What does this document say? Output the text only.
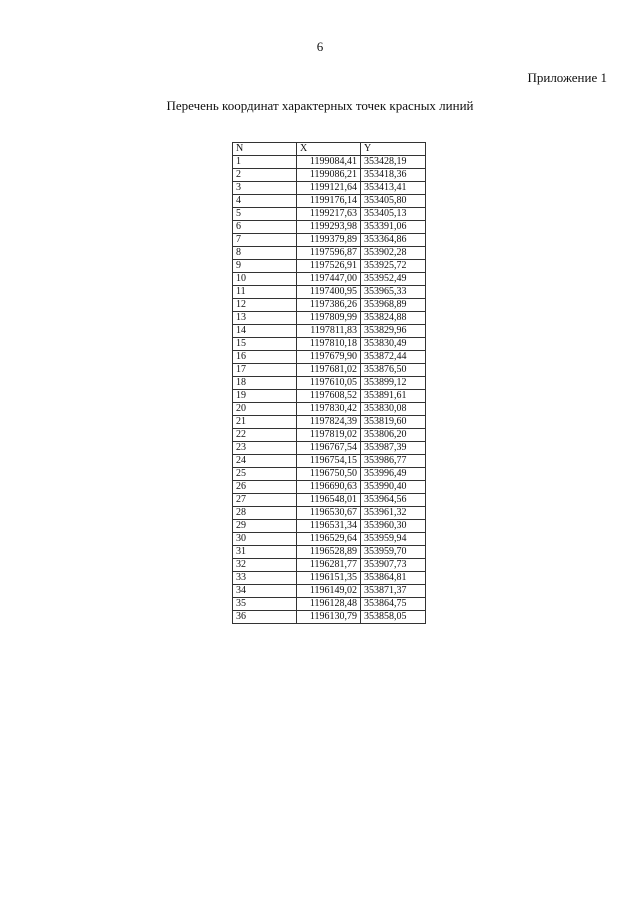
6
Приложение 1
Перечень координат характерных точек красных линий
N	X	Y
1	1199084,41	353428,19
2	1199086,21	353418,36
3	1199121,64	353413,41
4	1199176,14	353405,80
5	1199217,63	353405,13
6	1199293,98	353391,06
7	1199379,89	353364,86
8	1197596,87	353902,28
9	1197526,91	353925,72
10	1197447,00	353952,49
11	1197400,95	353965,33
12	1197386,26	353968,89
13	1197809,99	353824,88
14	1197811,83	353829,96
15	1197810,18	353830,49
16	1197679,90	353872,44
17	1197681,02	353876,50
18	1197610,05	353899,12
19	1197608,52	353891,61
20	1197830,42	353830,08
21	1197824,39	353819,60
22	1197819,02	353806,20
23	1196767,54	353987,39
24	1196754,15	353986,77
25	1196750,50	353996,49
26	1196690,63	353990,40
27	1196548,01	353964,56
28	1196530,67	353961,32
29	1196531,34	353960,30
30	1196529,64	353959,94
31	1196528,89	353959,70
32	1196281,77	353907,73
33	1196151,35	353864,81
34	1196149,02	353871,37
35	1196128,48	353864,75
36	1196130,79	353858,05
